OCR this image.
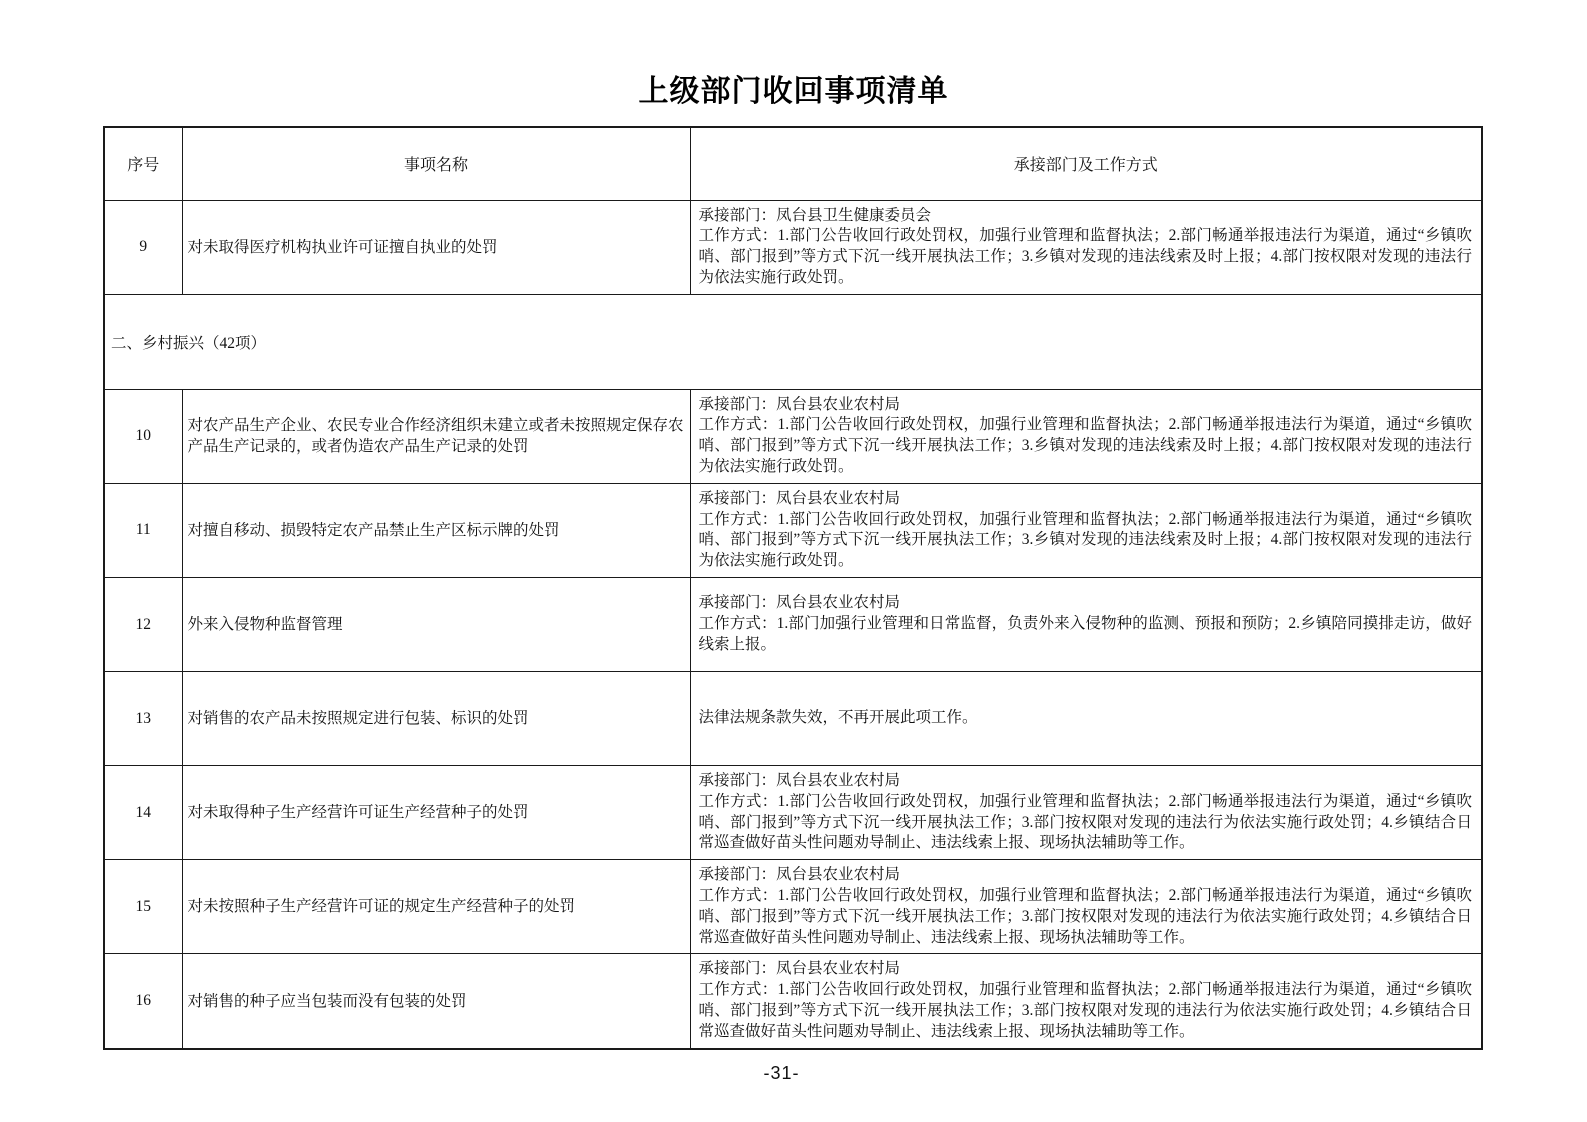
上级部门收回事项清单
序号	事项名称	承接部门及工作方式
9	对未取得医疗机构执业许可证擅自执业的处罚	承接部门：凤台县卫生健康委员会
工作方式：1.部门公告收回行政处罚权，加强行业管理和监督执法；2.部门畅通举报违法行为渠道，通过“乡镇吹哨、部门报到”等方式下沉一线开展执法工作；3.乡镇对发现的违法线索及时上报；4.部门按权限对发现的违法行为依法实施行政处罚。

二、乡村振兴（42项）		
10	对农产品生产企业、农民专业合作经济组织未建立或者未按照规定保存农产品生产记录的，或者伪造农产品生产记录的处罚	承接部门：凤台县农业农村局
工作方式：1.部门公告收回行政处罚权，加强行业管理和监督执法；2.部门畅通举报违法行为渠道，通过“乡镇吹哨、部门报到”等方式下沉一线开展执法工作；3.乡镇对发现的违法线索及时上报；4.部门按权限对发现的违法行为依法实施行政处罚。

11	对擅自移动、损毁特定农产品禁止生产区标示牌的处罚	承接部门：凤台县农业农村局
工作方式：1.部门公告收回行政处罚权，加强行业管理和监督执法；2.部门畅通举报违法行为渠道，通过“乡镇吹哨、部门报到”等方式下沉一线开展执法工作；3.乡镇对发现的违法线索及时上报；4.部门按权限对发现的违法行为依法实施行政处罚。

12	外来入侵物种监督管理	承接部门：凤台县农业农村局
工作方式：1.部门加强行业管理和日常监督，负责外来入侵物种的监测、预报和预防；2.乡镇陪同摸排走访，做好线索上报。

13	对销售的农产品未按照规定进行包装、标识的处罚	法律法规条款失效，不再开展此项工作。

14	对未取得种子生产经营许可证生产经营种子的处罚	承接部门：凤台县农业农村局
工作方式：1.部门公告收回行政处罚权，加强行业管理和监督执法；2.部门畅通举报违法行为渠道，通过“乡镇吹哨、部门报到”等方式下沉一线开展执法工作；3.部门按权限对发现的违法行为依法实施行政处罚；4.乡镇结合日常巡查做好苗头性问题劝导制止、违法线索上报、现场执法辅助等工作。

15	对未按照种子生产经营许可证的规定生产经营种子的处罚	承接部门：凤台县农业农村局
工作方式：1.部门公告收回行政处罚权，加强行业管理和监督执法；2.部门畅通举报违法行为渠道，通过“乡镇吹哨、部门报到”等方式下沉一线开展执法工作；3.部门按权限对发现的违法行为依法实施行政处罚；4.乡镇结合日常巡查做好苗头性问题劝导制止、违法线索上报、现场执法辅助等工作。

16	对销售的种子应当包装而没有包装的处罚	承接部门：凤台县农业农村局
工作方式：1.部门公告收回行政处罚权，加强行业管理和监督执法；2.部门畅通举报违法行为渠道，通过“乡镇吹哨、部门报到”等方式下沉一线开展执法工作；3.部门按权限对发现的违法行为依法实施行政处罚；4.乡镇结合日常巡查做好苗头性问题劝导制止、违法线索上报、现场执法辅助等工作。
-31-
